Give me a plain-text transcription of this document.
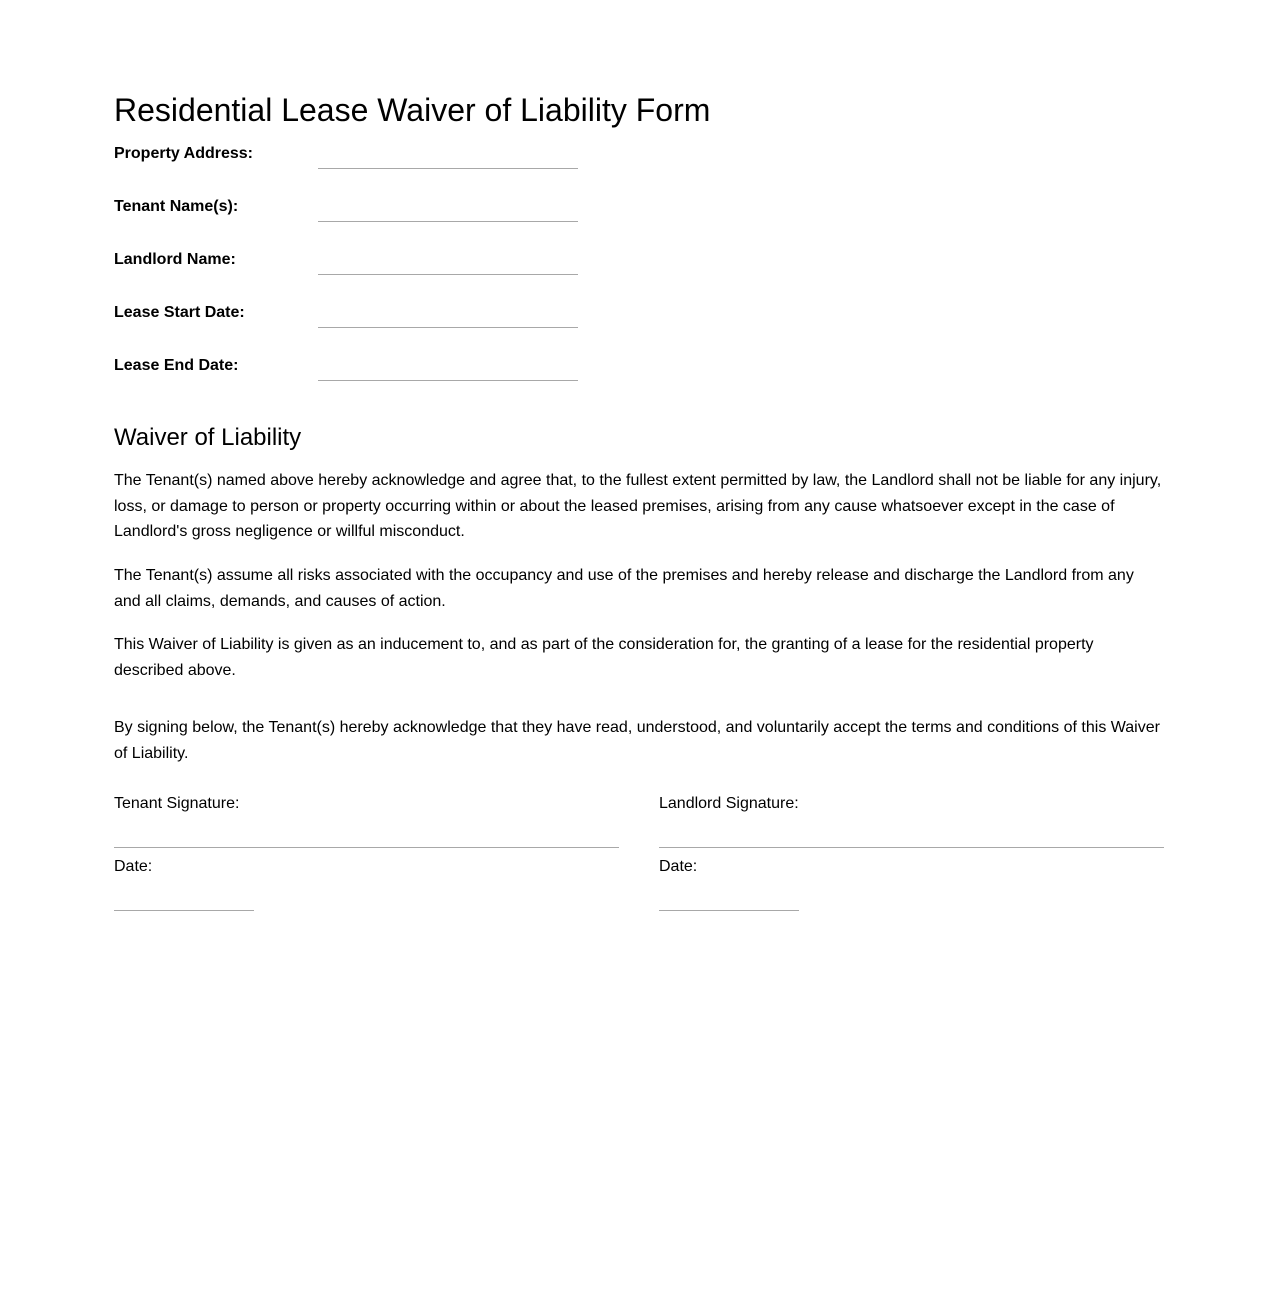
Residential Lease Waiver of Liability Form
Property Address:
Tenant Name(s):
Landlord Name:
Lease Start Date:
Lease End Date:
Waiver of Liability

The Tenant(s) named above hereby acknowledge and agree that, to the fullest extent permitted by law, the Landlord shall not be liable for any injury, loss, or damage to person or property occurring within or about the leased premises, arising from any cause whatsoever except in the case of Landlord's gross negligence or willful misconduct.

The Tenant(s) assume all risks associated with the occupancy and use of the premises and hereby release and discharge the Landlord from any and all claims, demands, and causes of action.

This Waiver of Liability is given as an inducement to, and as part of the consideration for, the granting of a lease for the residential property described above.

By signing below, the Tenant(s) hereby acknowledge that they have read, understood, and voluntarily accept the terms and conditions of this Waiver of Liability.

Tenant Signature:
Date:
Landlord Signature:
Date:
